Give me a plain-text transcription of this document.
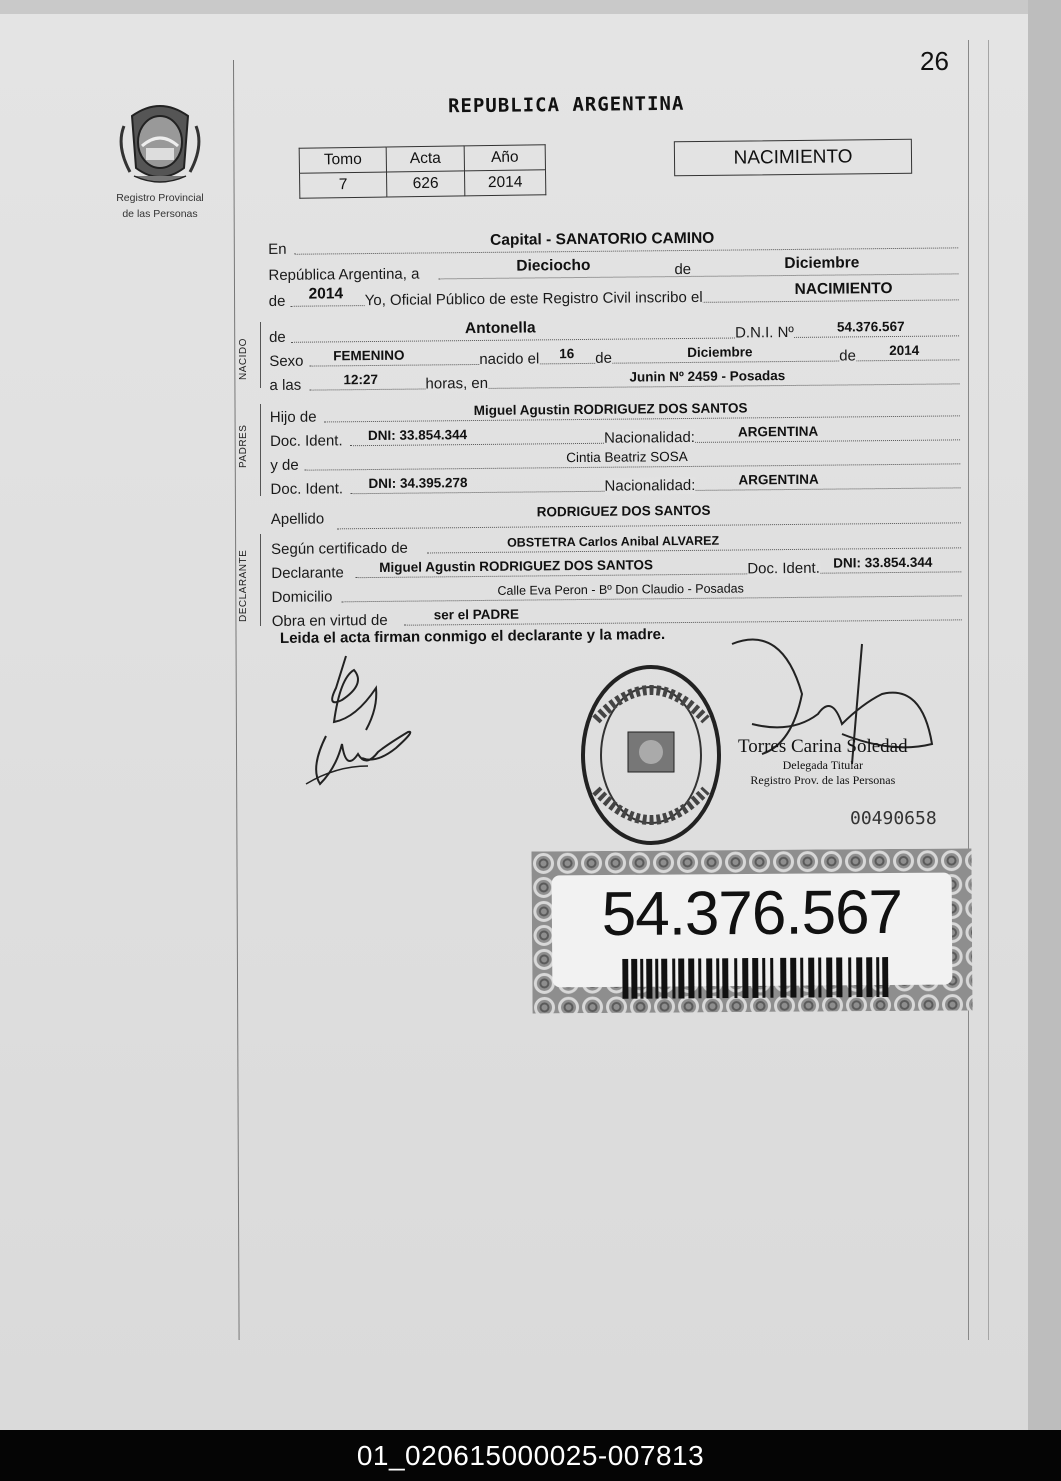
26
Registro Provincial
de las Personas
REPUBLICA ARGENTINA
Tomo	Acta	Año
7	626	2014
NACIMIENTO
En
Capital - SANATORIO CAMINO
República Argentina, a	Dieciocho	de	Diciembre
de 2014 Yo, Oficial Público de este Registro Civil inscribo el	NACIMIENTO
de
Antonella	D.N.I. Nº	54.376.567
Sexo FEMENINO	nacido el 16 de	Diciembre	de 2014
a las	12:27	horas, en	Junin Nº 2459 - Posadas
Hijo de	Miguel Agustin RODRIGUEZ DOS SANTOS
Doc. Ident. DNI: 33.854.344	Nacionalidad:	ARGENTINA
y de	Cintia Beatriz SOSA
Doc. Ident. DNI: 34.395.278	Nacionalidad:	ARGENTINA
Apellido	RODRIGUEZ DOS SANTOS
Según certificado de	OBSTETRA Carlos Anibal ALVAREZ
Declarante	Miguel Agustin RODRIGUEZ DOS SANTOS	Doc. Ident. DNI: 33.854.344
Domicilio	Calle Eva Peron - Bº Don Claudio - Posadas
Obra en virtud de	ser el PADRE
NACIDO
PADRES
DECLARANTE
Leida el acta firman conmigo el declarante y la madre.
Torres Carina Soledad
Delegada Titular
Registro Prov. de las Personas
00490658
54.376.567
01_020615000025-007813
